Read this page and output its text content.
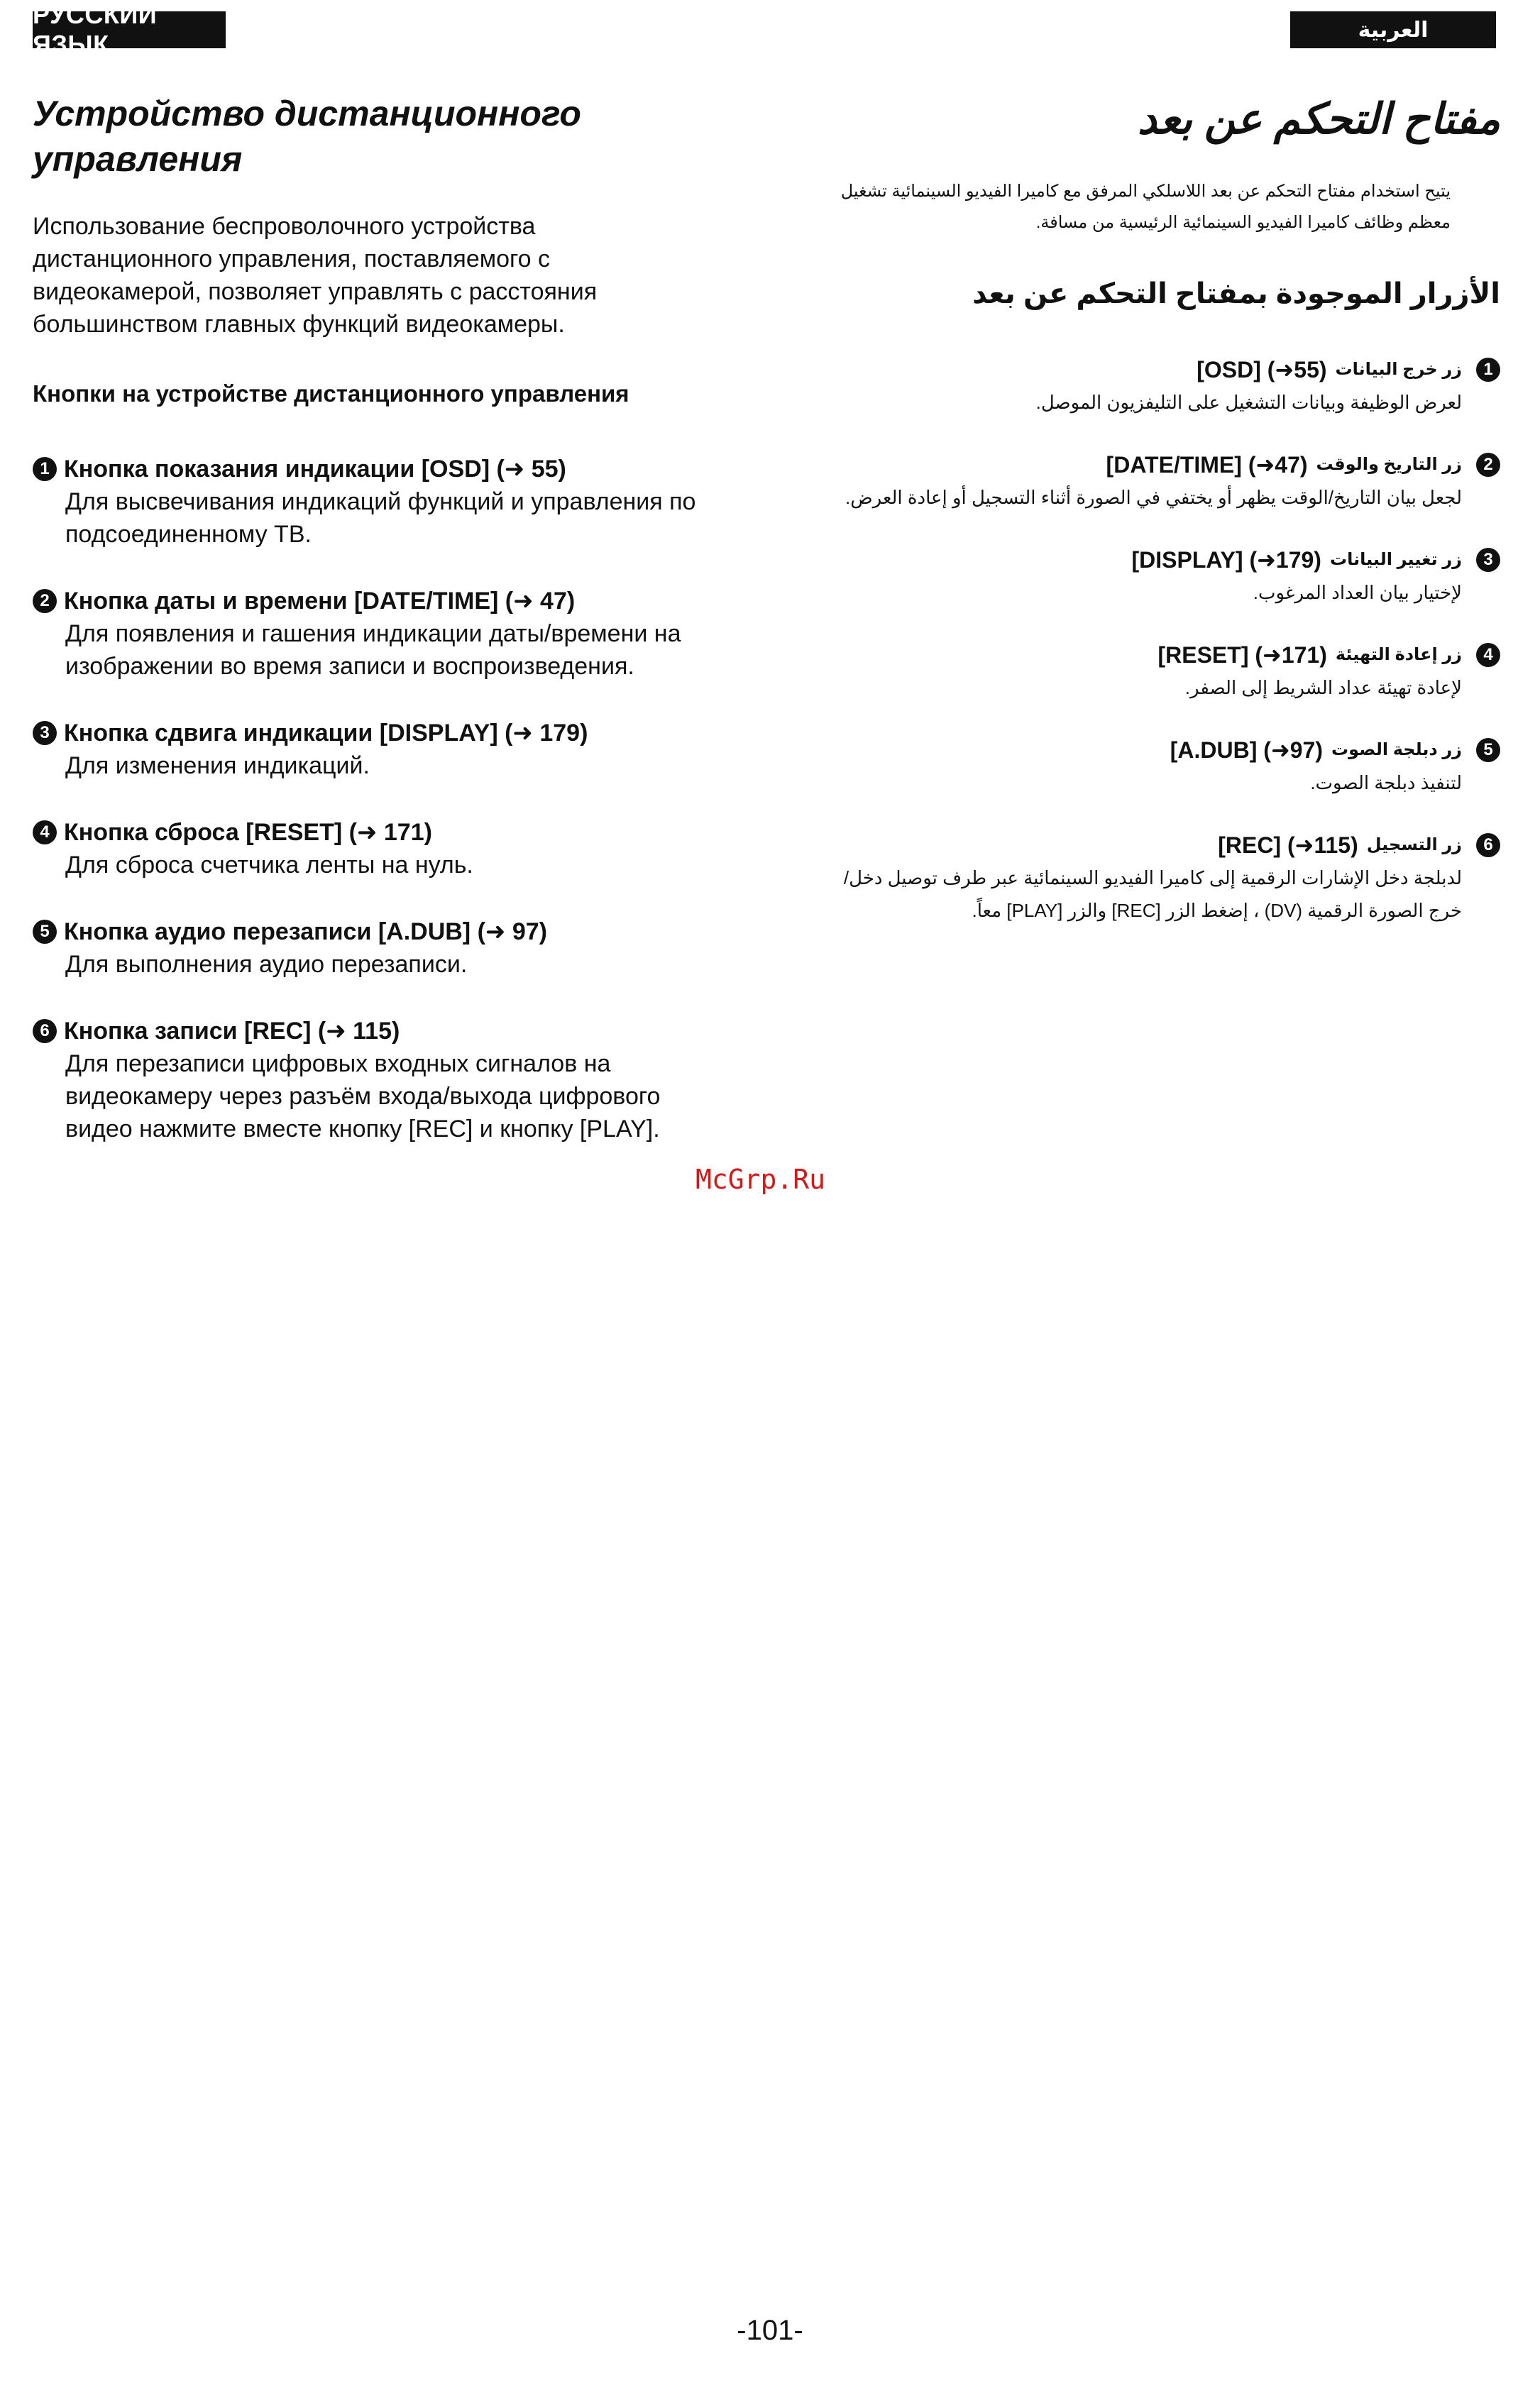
РУССКИЙ ЯЗЫК	العربية
Устройство дистанционного управления

Использование беспроволочного устройства дистанционного управления, поставляемого с видеокамерой, позволяет управлять с расстояния большинством главных функций видеокамеры.

Кнопки на устройстве дистанционного управления
1 Кнопка показания индикации [OSD] (➜ 55)
Для высвечивания индикаций функций и управления по подсоединенному ТВ.
2 Кнопка даты и времени [DATE/TIME] (➜ 47)
Для появления и гашения индикации даты/времени на изображении во время записи и воспроизведения.
3 Кнопка сдвига индикации [DISPLAY] (➜ 179)
Для изменения индикаций.
4 Кнопка сброса [RESET] (➜ 171)
Для сброса счетчика ленты на нуль.
5 Кнопка аудио перезаписи [A.DUB] (➜ 97)
Для выполнения аудио перезаписи.
6 Кнопка записи [REC] (➜ 115)
Для перезаписи цифровых входных сигналов на видеокамеру через разъём входа/выхода цифрового видео нажмите вместе кнопку [REC] и кнопку [PLAY].
مفتاح التحكم عن بعد

يتيح استخدام مفتاح التحكم عن بعد اللاسلكي المرفق مع كاميرا الفيديو السينمائية تشغيل معظم وظائف كاميرا الفيديو السينمائية الرئيسية من مسافة.

الأزرار الموجودة بمفتاح التحكم عن بعد
1
زر خرج البيانات
[OSD] (➜55)
لعرض الوظيفة وبيانات التشغيل على التليفزيون الموصل.
2
زر التاريخ والوقت
[DATE/TIME] (➜47)
لجعل بيان التاريخ/الوقت يظهر أو يختفي في الصورة أثناء التسجيل أو إعادة العرض.
3
زر تغيير البيانات
[DISPLAY] (➜179)
لإختيار بيان العداد المرغوب.
4
زر إعادة التهيئة
[RESET] (➜171)
لإعادة تهيئة عداد الشريط إلى الصفر.
5
زر دبلجة الصوت
[A.DUB] (➜97)
لتنفيذ دبلجة الصوت.
6
زر التسجيل
[REC] (➜115)
لدبلجة دخل الإشارات الرقمية إلى كاميرا الفيديو السينمائية عبر طرف توصيل دخل/خرج الصورة الرقمية (DV) ، إضغط الزر [REC] والزر [PLAY] معاً.
McGrp.Ru
-101-
